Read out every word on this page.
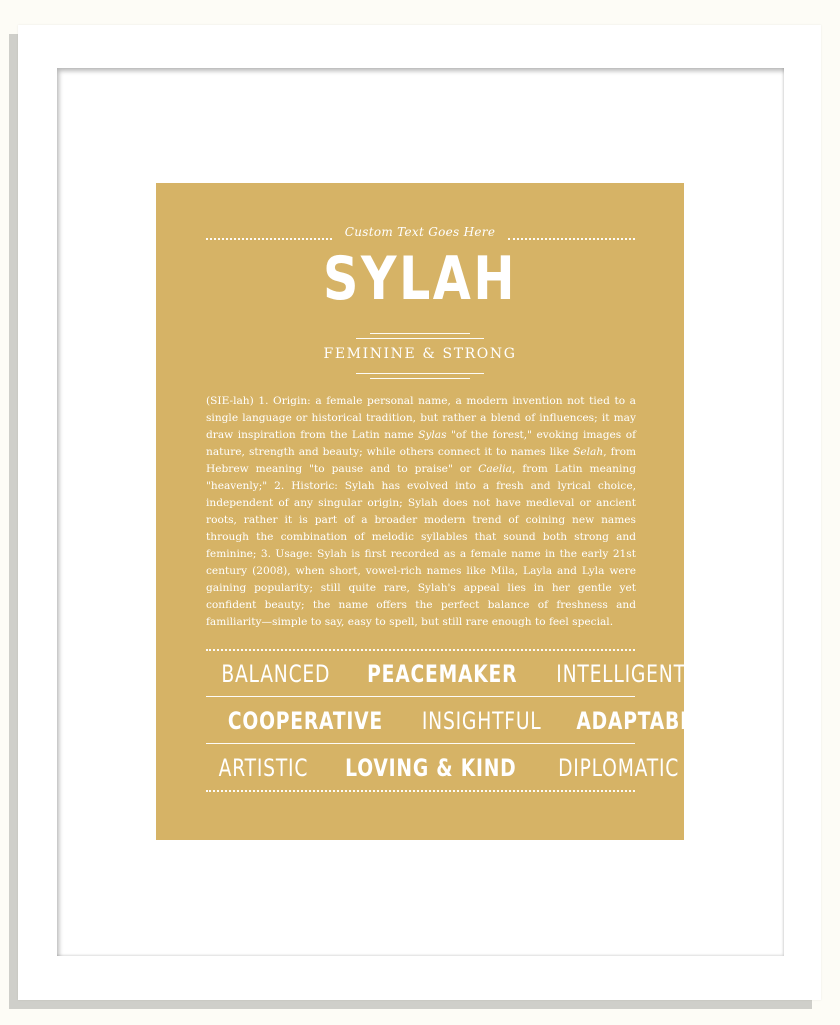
Custom Text Goes Here
SYLAH
FEMININE & STRONG
(SIE-lah) 1. Origin: a female personal name, a modern invention not tied to a single language or historical tradition, but rather a blend of influences; it may draw inspiration from the Latin name Sylas "of the forest," evoking images of nature, strength and beauty; while others connect it to names like Selah, from Hebrew meaning "to pause and to praise" or Caelia, from Latin meaning "heavenly;" 2. Historic: Sylah has evolved into a fresh and lyrical choice, independent of any singular origin; Sylah does not have medieval or ancient roots, rather it is part of a broader modern trend of coining new names through the combination of melodic syllables that sound both strong and feminine; 3. Usage: Sylah is first recorded as a female name in the early 21st century (2008), when short, vowel-rich names like Mila, Layla and Lyla were gaining popularity; still quite rare, Sylah's appeal lies in her gentle yet confident beauty; the name offers the perfect balance of freshness and familiarity—simple to say, easy to spell, but still rare enough to feel special.
BALANCED PEACEMAKER INTELLIGENT
COOPERATIVE INSIGHTFUL ADAPTABLE
ARTISTIC LOVING & KIND DIPLOMATIC
